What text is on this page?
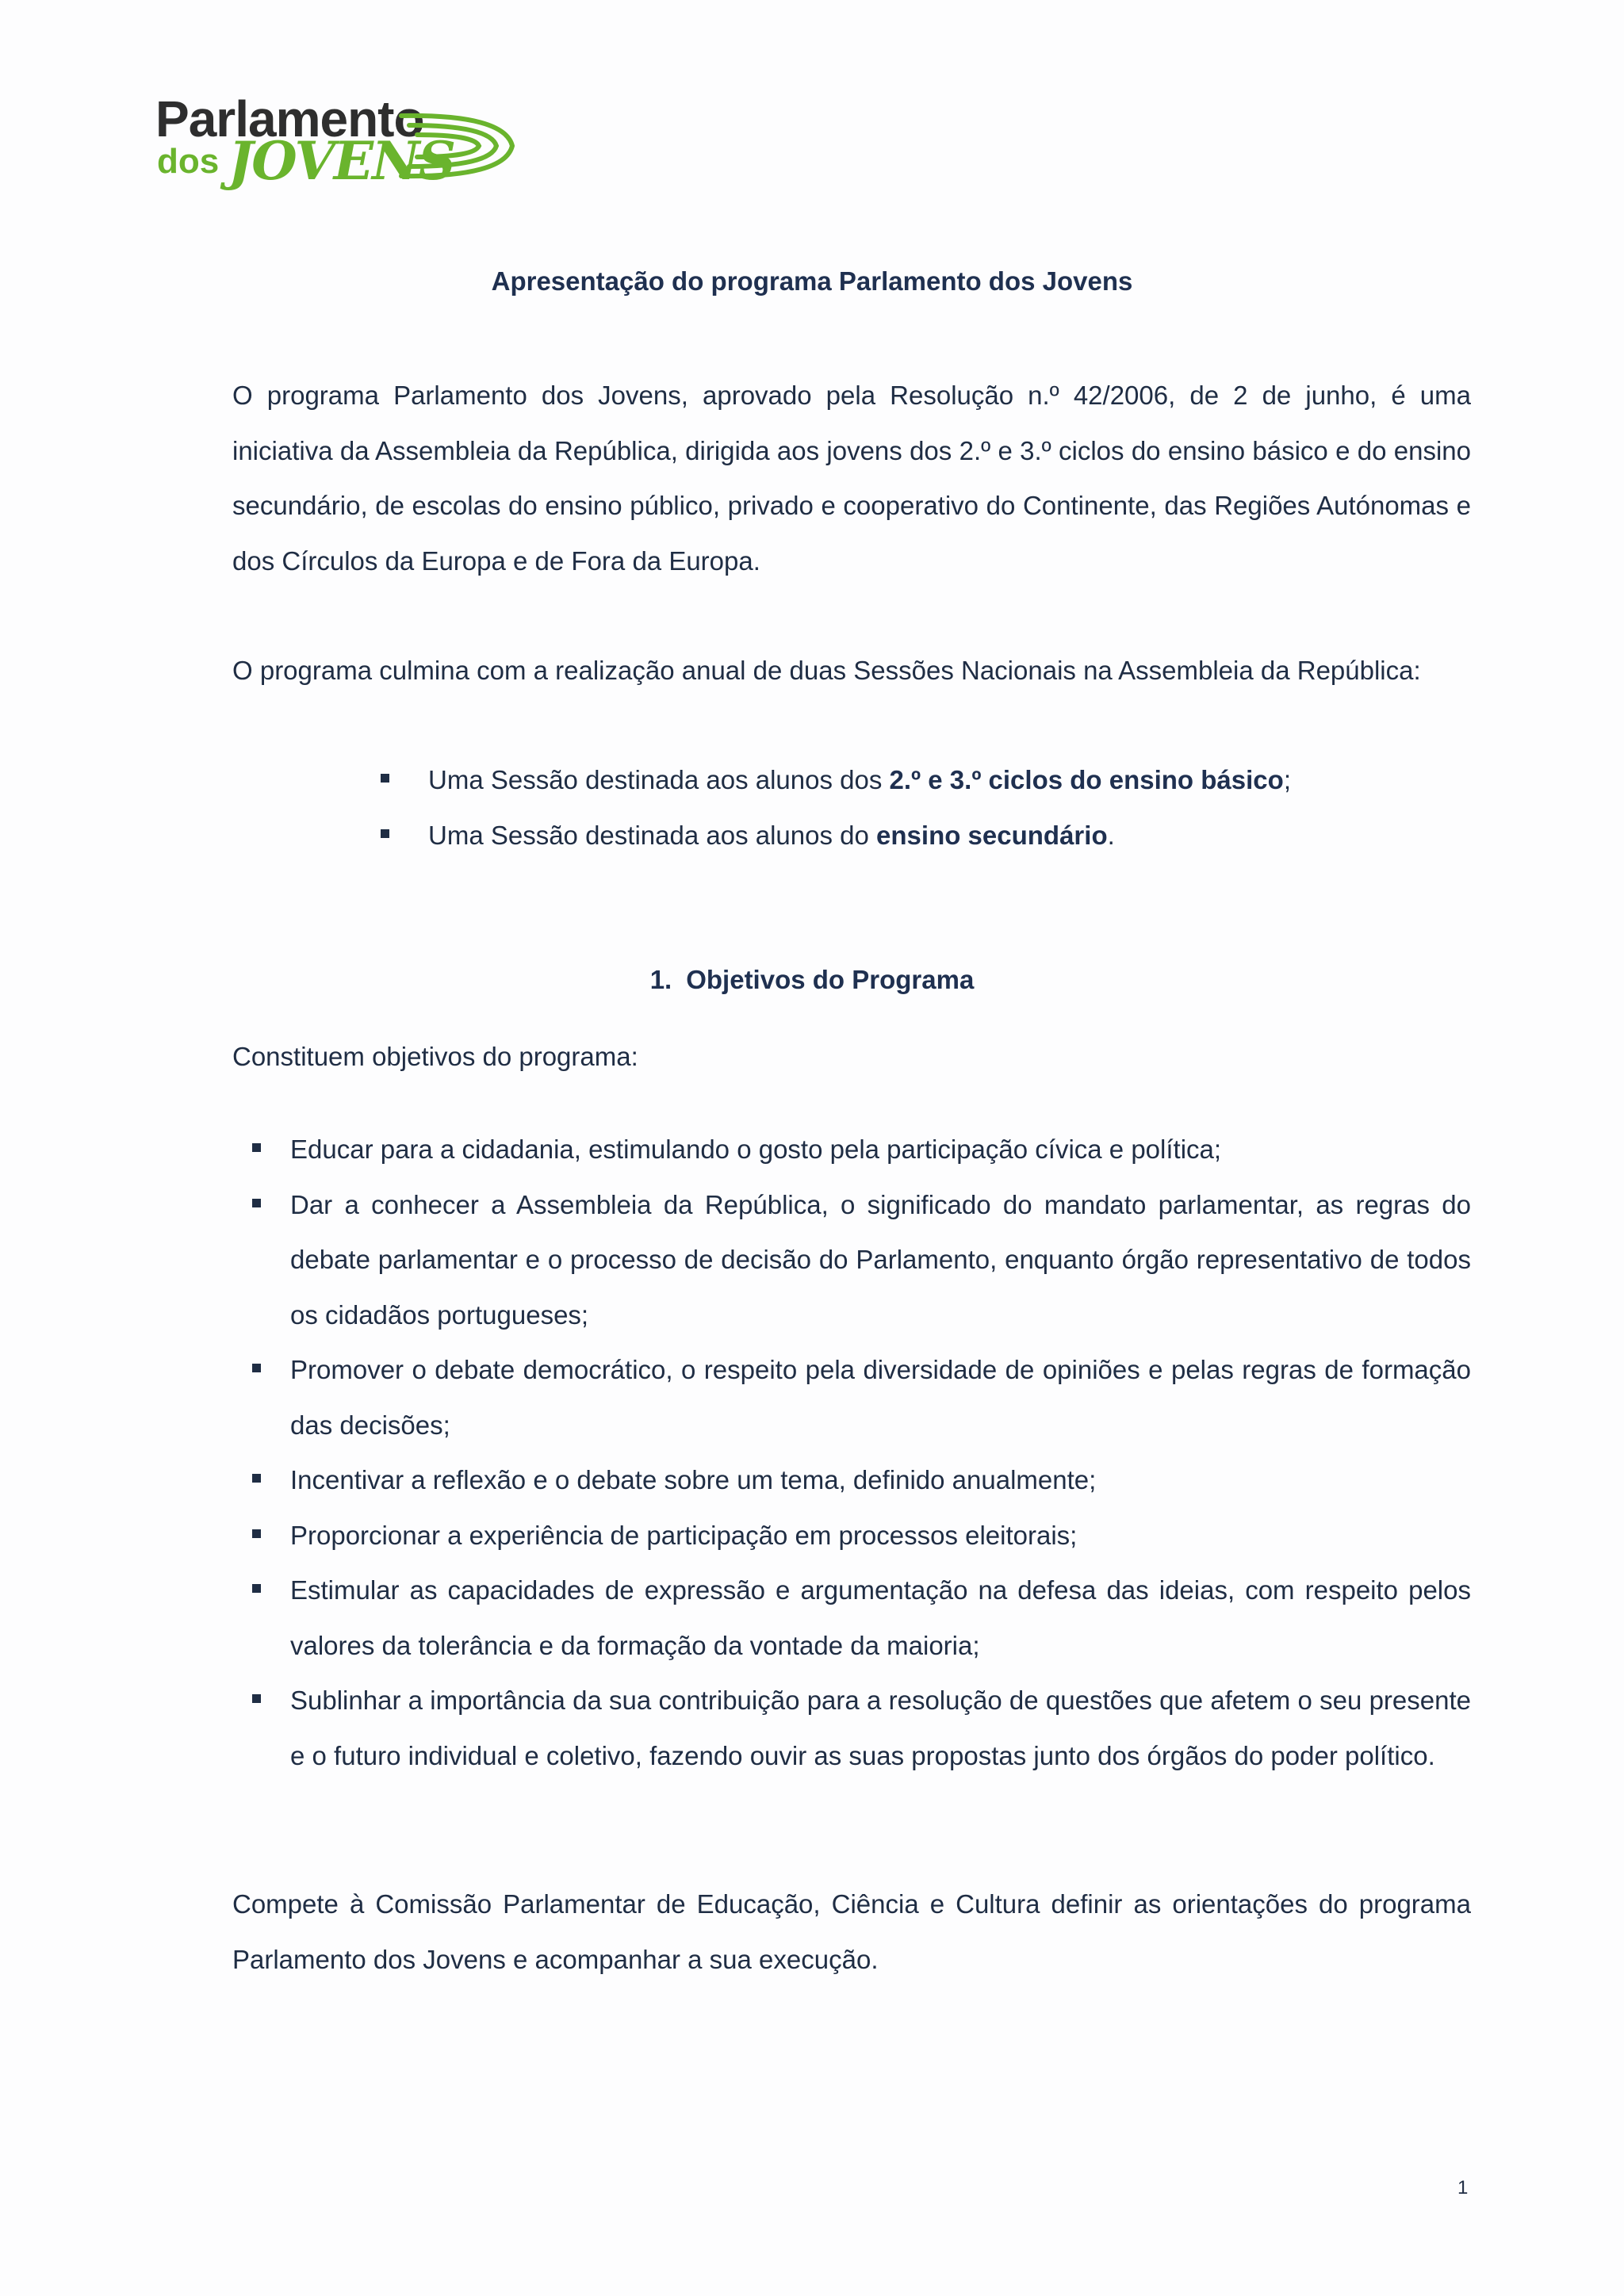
Parlamento
dos JOVENS
Apresentação do programa Parlamento dos Jovens

O programa Parlamento dos Jovens, aprovado pela Resolução n.º 42/2006, de 2 de junho, é uma iniciativa da Assembleia da República, dirigida aos jovens dos 2.º e 3.º ciclos do ensino básico e do ensino secundário, de escolas do ensino público, privado e cooperativo do Continente, das Regiões Autónomas e dos Círculos da Europa e de Fora da Europa.

O programa culmina com a realização anual de duas Sessões Nacionais na Assembleia da República:

Uma Sessão destinada aos alunos dos 2.º e 3.º ciclos do ensino básico;
Uma Sessão destinada aos alunos do ensino secundário.
1. Objetivos do Programa
Constituem objetivos do programa:
Educar para a cidadania, estimulando o gosto pela participação cívica e política;
Dar a conhecer a Assembleia da República, o significado do mandato parlamentar, as regras do debate parlamentar e o processo de decisão do Parlamento, enquanto órgão representativo de todos os cidadãos portugueses;
Promover o debate democrático, o respeito pela diversidade de opiniões e pelas regras de formação das decisões;
Incentivar a reflexão e o debate sobre um tema, definido anualmente;
Proporcionar a experiência de participação em processos eleitorais;
Estimular as capacidades de expressão e argumentação na defesa das ideias, com respeito pelos valores da tolerância e da formação da vontade da maioria;
Sublinhar a importância da sua contribuição para a resolução de questões que afetem o seu presente e o futuro individual e coletivo, fazendo ouvir as suas propostas junto dos órgãos do poder político.

Compete à Comissão Parlamentar de Educação, Ciência e Cultura definir as orientações do programa Parlamento dos Jovens e acompanhar a sua execução.

1
